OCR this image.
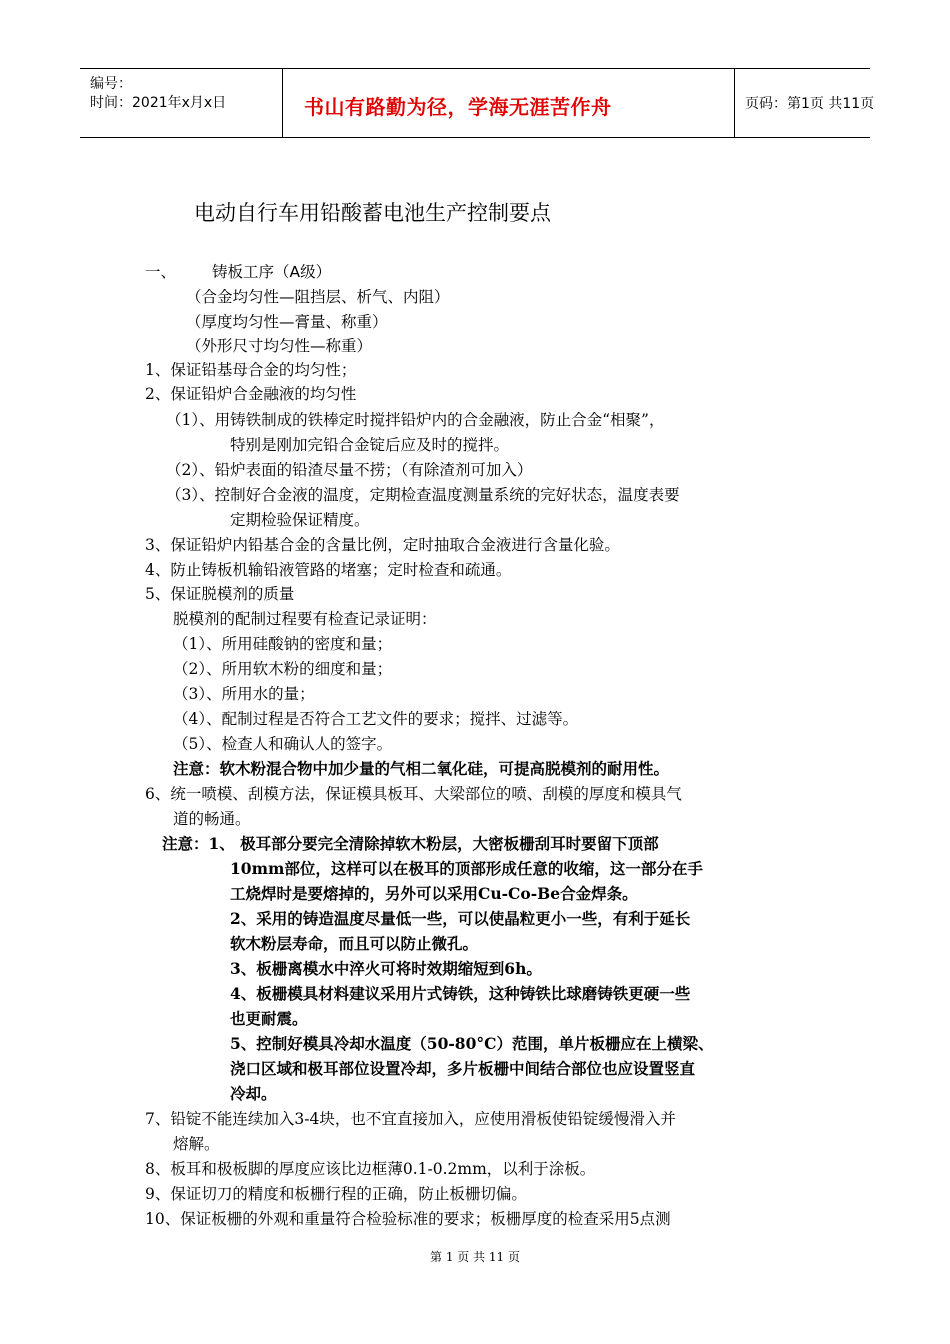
编号：
时间：2021年x月x日	书山有路勤为径，学海无涯苦作舟	页码：第1页 共11页
电动自行车用铅酸蓄电池生产控制要点
一、 铸板工序（A级）
（合金均匀性—阻挡层、析气、内阻）
（厚度均匀性—膏量、称重）
（外形尺寸均匀性—称重）
1、保证铅基母合金的均匀性；
2、保证铅炉合金融液的均匀性
（1）、用铸铁制成的铁棒定时搅拌铅炉内的合金融液，防止合金“相聚”，
特别是刚加完铅合金锭后应及时的搅拌。
（2）、铅炉表面的铅渣尽量不捞；（有除渣剂可加入）
（3）、控制好合金液的温度，定期检查温度测量系统的完好状态，温度表要
定期检验保证精度。
3、保证铅炉内铅基合金的含量比例，定时抽取合金液进行含量化验。
4、防止铸板机输铅液管路的堵塞；定时检查和疏通。
5、保证脱模剂的质量
脱模剂的配制过程要有检查记录证明：
（1）、所用硅酸钠的密度和量；
（2）、所用软木粉的细度和量；
（3）、所用水的量；
（4）、配制过程是否符合工艺文件的要求；搅拌、过滤等。
（5）、检查人和确认人的签字。
注意：软木粉混合物中加少量的气相二氧化硅，可提高脱模剂的耐用性。
6、统一喷模、刮模方法，保证模具板耳、大梁部位的喷、刮模的厚度和模具气
道的畅通。
注意：1、 极耳部分要完全清除掉软木粉层，大密板栅刮耳时要留下顶部
10mm部位，这样可以在极耳的顶部形成任意的收缩，这一部分在手
工烧焊时是要熔掉的，另外可以采用Cu-Co-Be合金焊条。
2、采用的铸造温度尽量低一些，可以使晶粒更小一些，有利于延长
软木粉层寿命，而且可以防止微孔。
3、板栅离模水中淬火可将时效期缩短到6h。
4、板栅模具材料建议采用片式铸铁，这种铸铁比球磨铸铁更硬一些
也更耐震。
5、控制好模具冷却水温度（50-80°C）范围，单片板栅应在上横梁、
浇口区域和极耳部位设置冷却，多片板栅中间结合部位也应设置竖直
冷却。
7、铅锭不能连续加入3-4块，也不宜直接加入，应使用滑板使铅锭缓慢滑入并
熔解。
8、板耳和极板脚的厚度应该比边框薄0.1-0.2mm，以利于涂板。
9、保证切刀的精度和板栅行程的正确，防止板栅切偏。
10、保证板栅的外观和重量符合检验标准的要求；板栅厚度的检查采用5点测
第 1 页 共 11 页
